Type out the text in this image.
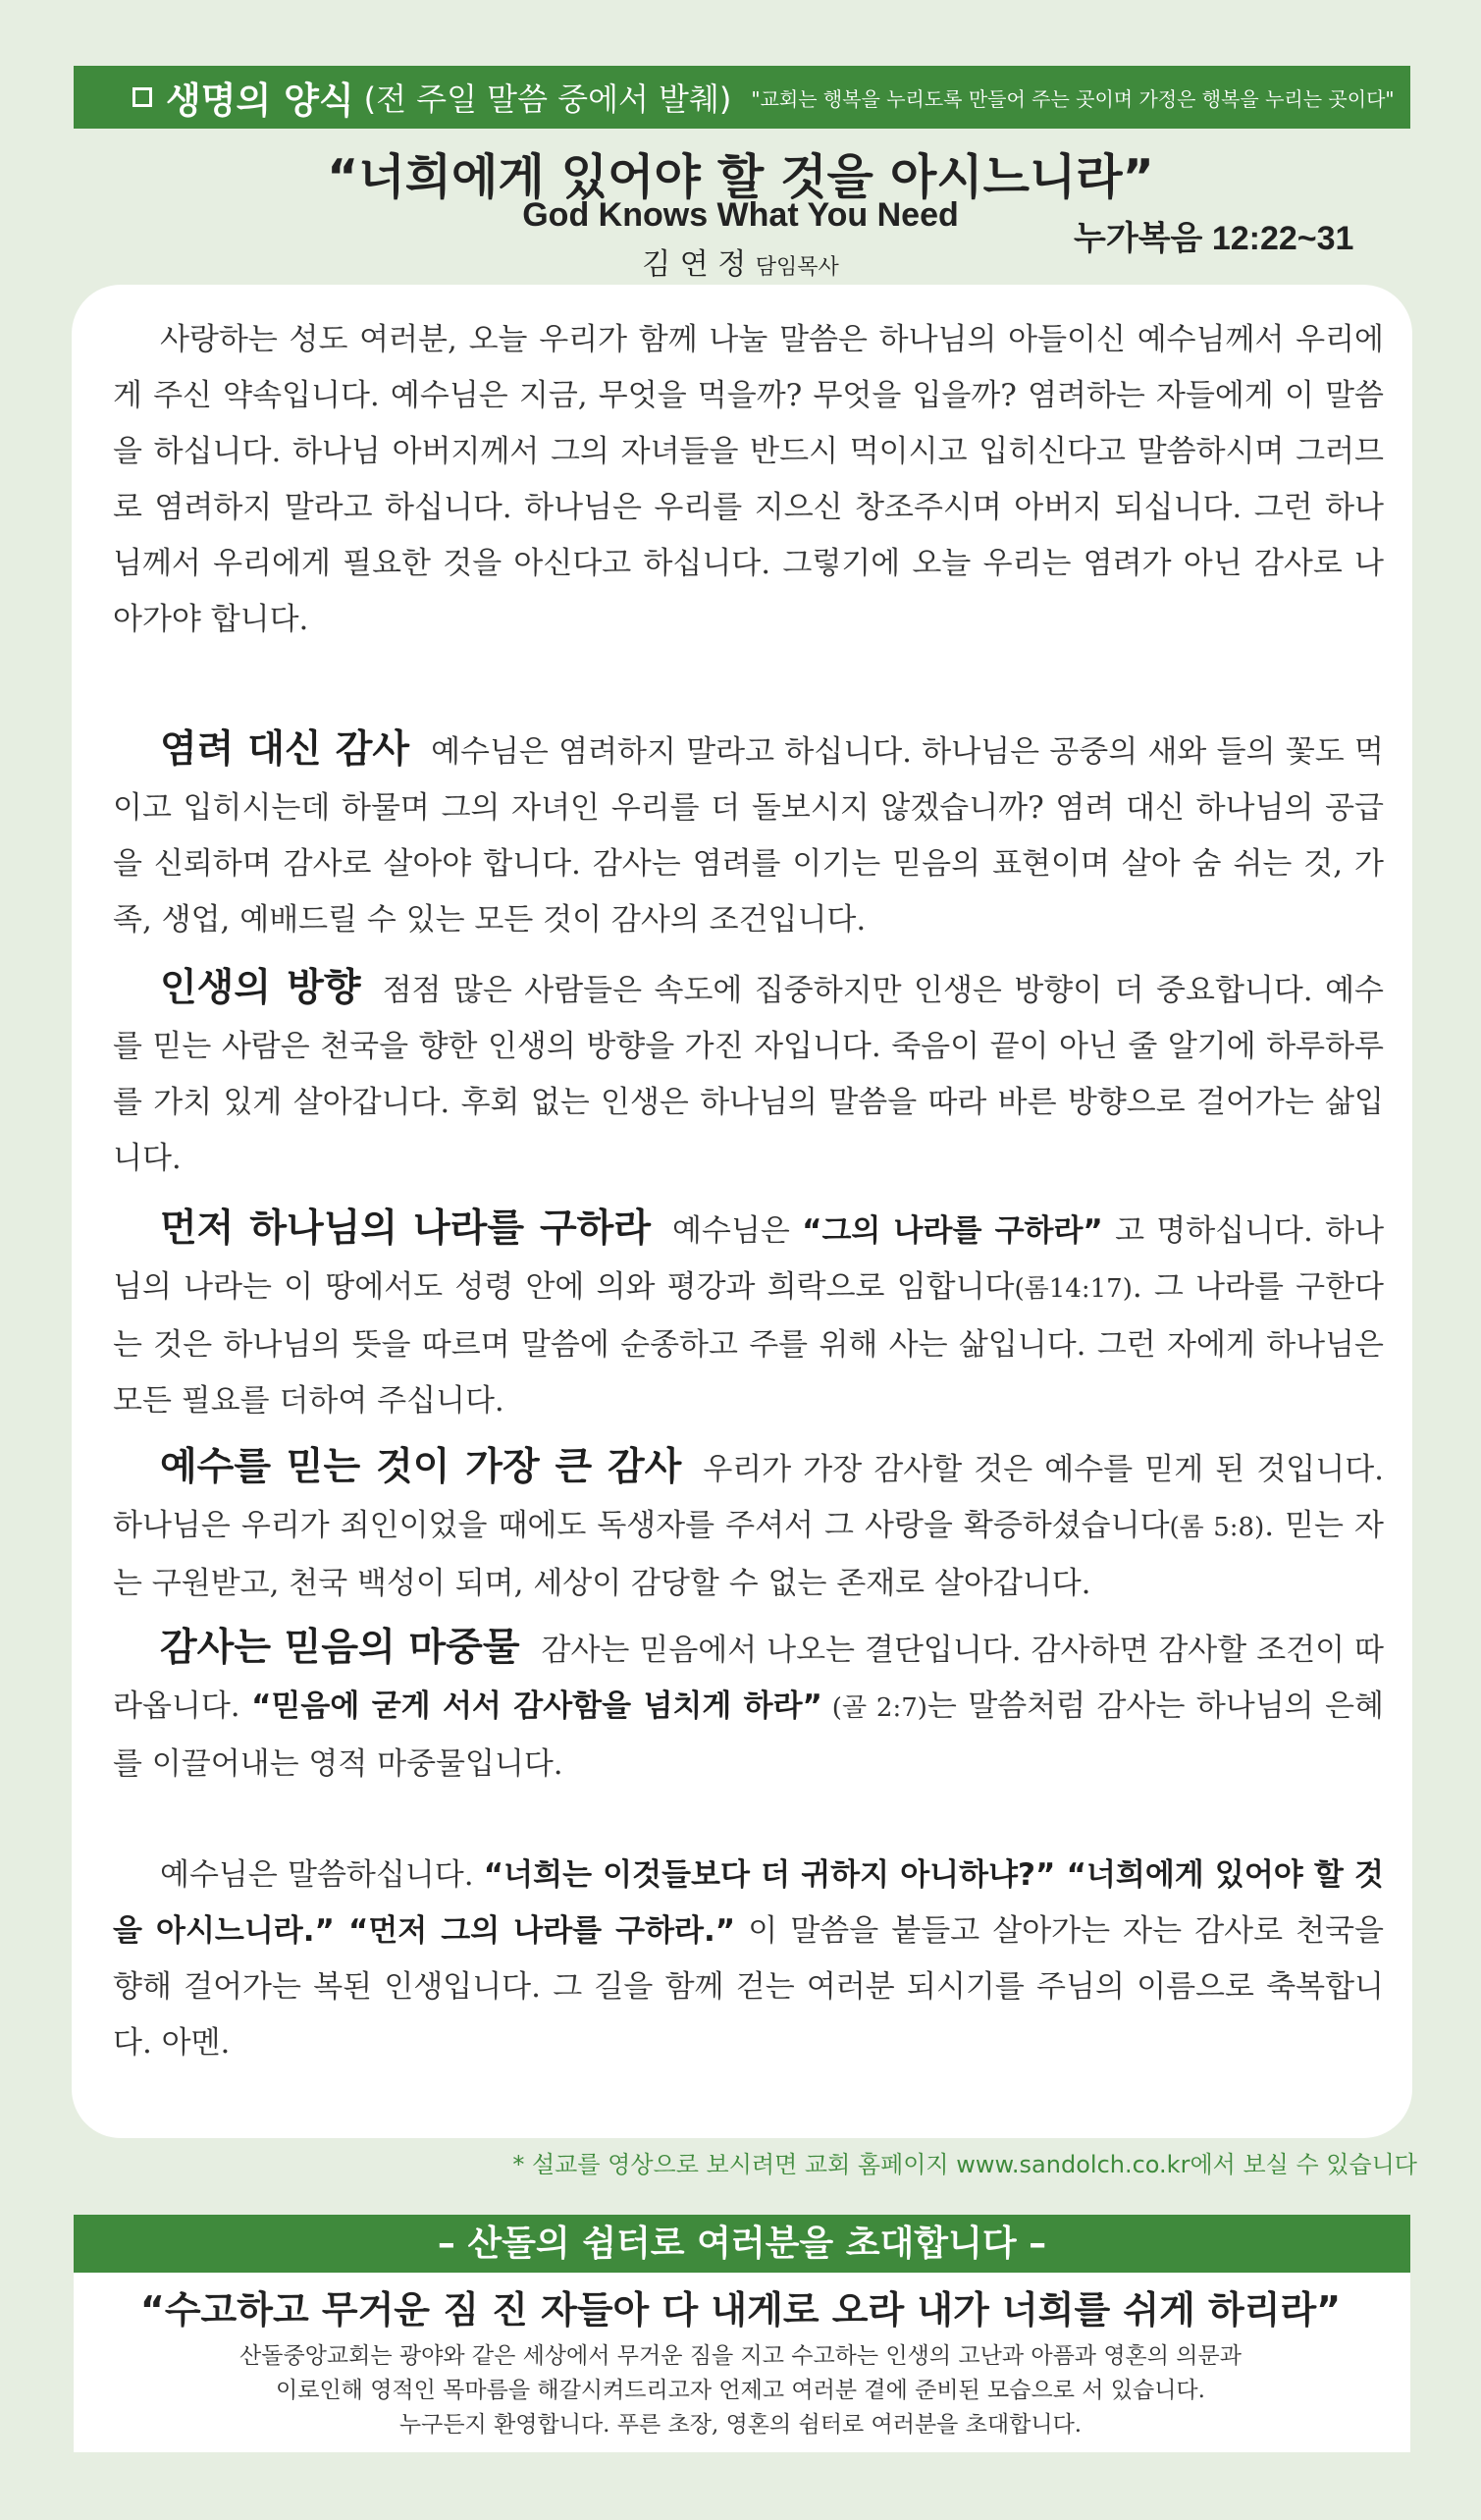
생명의 양식 (전 주일 말씀 중에서 발췌) "교회는 행복을 누리도록 만들어 주는 곳이며 가정은 행복을 누리는 곳이다"
“너희에게 있어야 할 것을 아시느니라”
God Knows What You Need
누가복음 12:22~31
김 연 정 담임목사

사랑하는 성도 여러분, 오늘 우리가 함께 나눌 말씀은 하나님의 아들이신 예수님께서 우리에게 주신 약속입니다. 예수님은 지금, 무엇을 먹을까? 무엇을 입을까? 염려하는 자들에게 이 말씀을 하십니다. 하나님 아버지께서 그의 자녀들을 반드시 먹이시고 입히신다고 말씀하시며 그러므로 염려하지 말라고 하십니다. 하나님은 우리를 지으신 창조주시며 아버지 되십니다. 그런 하나님께서 우리에게 필요한 것을 아신다고 하십니다. 그렇기에 오늘 우리는 염려가 아닌 감사로 나아가야 합니다.

염려 대신 감사 예수님은 염려하지 말라고 하십니다. 하나님은 공중의 새와 들의 꽃도 먹이고 입히시는데 하물며 그의 자녀인 우리를 더 돌보시지 않겠습니까? 염려 대신 하나님의 공급을 신뢰하며 감사로 살아야 합니다. 감사는 염려를 이기는 믿음의 표현이며 살아 숨 쉬는 것, 가족, 생업, 예배드릴 수 있는 모든 것이 감사의 조건입니다.

인생의 방향 점점 많은 사람들은 속도에 집중하지만 인생은 방향이 더 중요합니다. 예수를 믿는 사람은 천국을 향한 인생의 방향을 가진 자입니다. 죽음이 끝이 아닌 줄 알기에 하루하루를 가치 있게 살아갑니다. 후회 없는 인생은 하나님의 말씀을 따라 바른 방향으로 걸어가는 삶입니다.

먼저 하나님의 나라를 구하라 예수님은 “그의 나라를 구하라” 고 명하십니다. 하나님의 나라는 이 땅에서도 성령 안에 의와 평강과 희락으로 임합니다(롬14:17). 그 나라를 구한다는 것은 하나님의 뜻을 따르며 말씀에 순종하고 주를 위해 사는 삶입니다. 그런 자에게 하나님은 모든 필요를 더하여 주십니다.

예수를 믿는 것이 가장 큰 감사 우리가 가장 감사할 것은 예수를 믿게 된 것입니다. 하나님은 우리가 죄인이었을 때에도 독생자를 주셔서 그 사랑을 확증하셨습니다(롬 5:8). 믿는 자는 구원받고, 천국 백성이 되며, 세상이 감당할 수 없는 존재로 살아갑니다.

감사는 믿음의 마중물 감사는 믿음에서 나오는 결단입니다. 감사하면 감사할 조건이 따라옵니다. “믿음에 굳게 서서 감사함을 넘치게 하라” (골 2:7)는 말씀처럼 감사는 하나님의 은혜를 이끌어내는 영적 마중물입니다.

예수님은 말씀하십니다. “너희는 이것들보다 더 귀하지 아니하냐?” “너희에게 있어야 할 것을 아시느니라.” “먼저 그의 나라를 구하라.” 이 말씀을 붙들고 살아가는 자는 감사로 천국을 향해 걸어가는 복된 인생입니다. 그 길을 함께 걷는 여러분 되시기를 주님의 이름으로 축복합니다. 아멘.

* 설교를 영상으로 보시려면 교회 홈페이지 www.sandolch.co.kr에서 보실 수 있습니다
– 산돌의 쉼터로 여러분을 초대합니다 –
“수고하고 무거운 짐 진 자들아 다 내게로 오라 내가 너희를 쉬게 하리라”
산돌중앙교회는 광야와 같은 세상에서 무거운 짐을 지고 수고하는 인생의 고난과 아픔과 영혼의 의문과
이로인해 영적인 목마름을 해갈시켜드리고자 언제고 여러분 곁에 준비된 모습으로 서 있습니다.
누구든지 환영합니다. 푸른 초장, 영혼의 쉼터로 여러분을 초대합니다.
